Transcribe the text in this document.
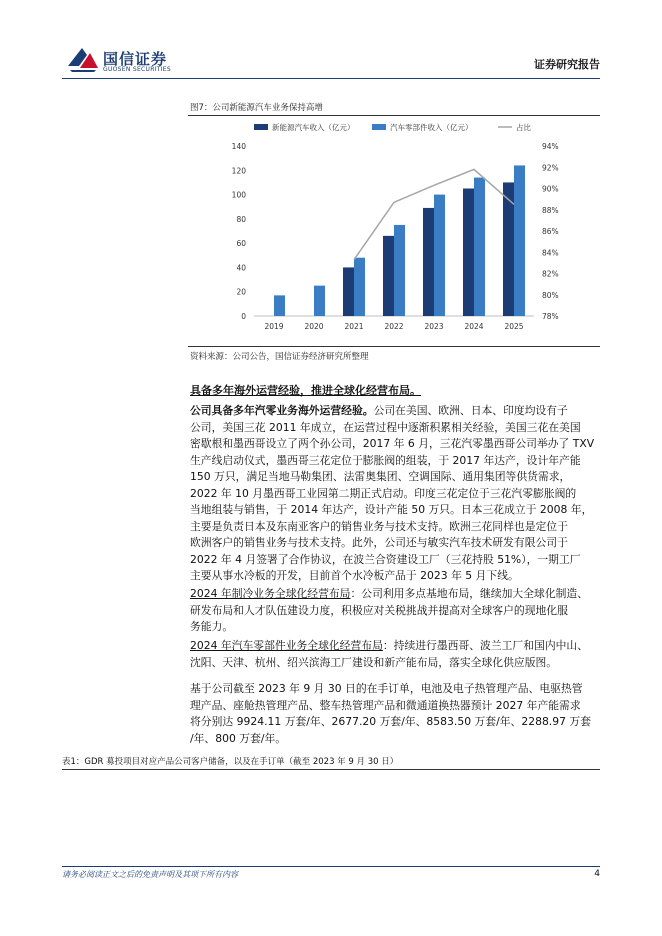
国信证券
GUOSEN SECURITIES	证券研究报告
图7：公司新能源汽车业务保持高增
新能源汽车收入（亿元）	汽车零部件收入（亿元）	占比
0
20
40
60
80
100
120
140
78%
80%
82%
84%
86%
88%
90%
92%
94%
2019	2020	2021	2022	2023	2024	2025
资料来源：公司公告，国信证券经济研究所整理
具备多年海外运营经验，推进全球化经营布局。
公司具备多年汽零业务海外运营经验。公司在美国、欧洲、日本、印度均设有子
公司，美国三花 2011 年成立，在运营过程中逐渐积累相关经验，美国三花在美国
密歇根和墨西哥设立了两个孙公司，2017 年 6 月，三花汽零墨西哥公司举办了 TXV
生产线启动仪式，墨西哥三花定位于膨胀阀的组装，于 2017 年达产，设计年产能
150 万只，满足当地马勒集团、法雷奥集团、空调国际、通用集团等供货需求，
2022 年 10 月墨西哥工业园第二期正式启动。印度三花定位于三花汽零膨胀阀的
当地组装与销售，于 2014 年达产，设计产能 50 万只。日本三花成立于 2008 年，
主要是负责日本及东南亚客户的销售业务与技术支持。欧洲三花同样也是定位于
欧洲客户的销售业务与技术支持。此外，公司还与敏实汽车技术研发有限公司于
2022 年 4 月签署了合作协议，在波兰合资建设工厂（三花持股 51%），一期工厂
主要从事水冷板的开发，目前首个水冷板产品于 2023 年 5 月下线。
2024 年制冷业务全球化经营布局：公司利用多点基地布局，继续加大全球化制造、
研发布局和人才队伍建设力度，积极应对关税挑战并提高对全球客户的现地化服
务能力。
2024 年汽车零部件业务全球化经营布局：持续进行墨西哥、波兰工厂和国内中山、
沈阳、天津、杭州、绍兴滨海工厂建设和新产能布局，落实全球化供应版图。
基于公司截至 2023 年 9 月 30 日的在手订单，电池及电子热管理产品、电驱热管
理产品、座舱热管理产品、整车热管理产品和微通道换热器预计 2027 年产能需求
将分别达 9924.11 万套/年、2677.20 万套/年、8583.50 万套/年、2288.97 万套
/年、800 万套/年。
表1：GDR 募投项目对应产品公司客户储备，以及在手订单（截至 2023 年 9 月 30 日）
请务必阅读正文之后的免责声明及其项下所有内容	4
